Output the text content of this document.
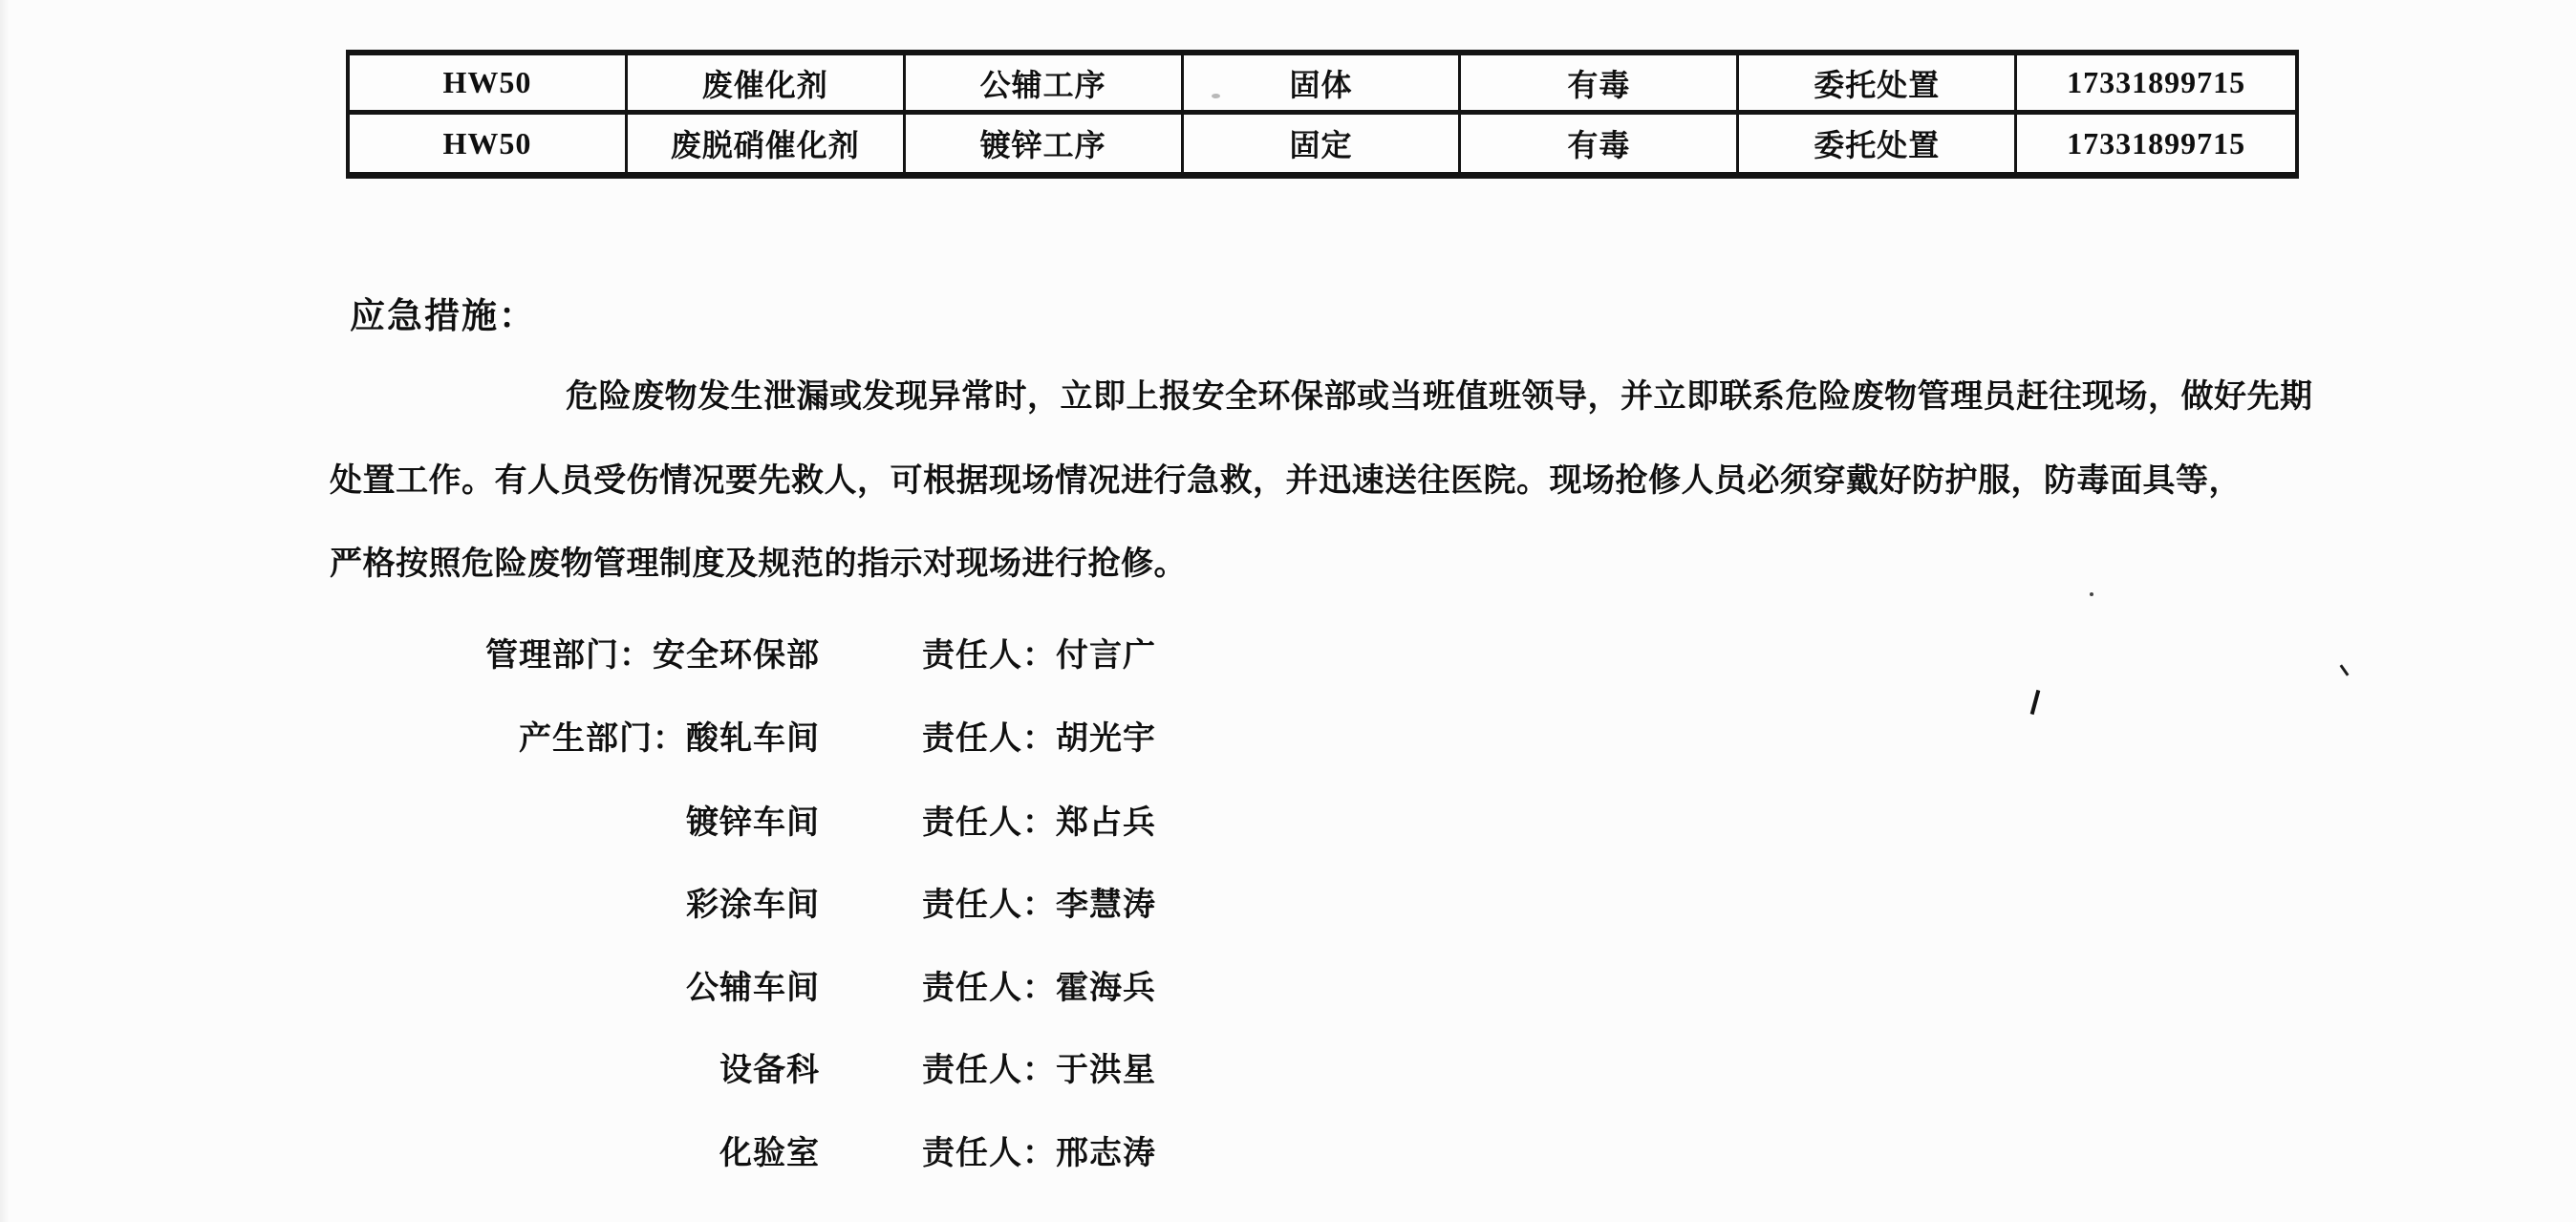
HW50	废催化剂	公辅工序	固体	有毒	委托处置	17331899715
HW50	废脱硝催化剂	镀锌工序	固定	有毒	委托处置	17331899715
应急措施：
危险废物发生泄漏或发现异常时，立即上报安全环保部或当班值班领导，并立即联系危险废物管理员赶往现场，做好先期
处置工作。有人员受伤情况要先救人，可根据现场情况进行急救，并迅速送往医院。现场抢修人员必须穿戴好防护服，防毒面具等，
严格按照危险废物管理制度及规范的指示对现场进行抢修。
管理部门：安全环保部	责任人：付言广
产生部门：酸轧车间	责任人：胡光宇
镀锌车间	责任人：郑占兵
彩涂车间	责任人：李慧涛
公辅车间	责任人：霍海兵
设备科	责任人：于洪星
化验室	责任人：邢志涛
